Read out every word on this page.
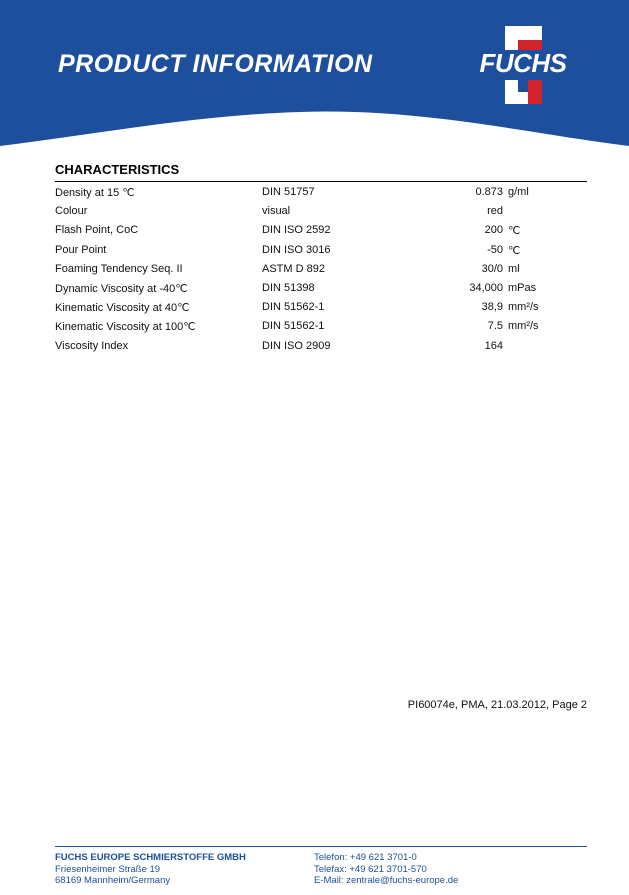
PRODUCT INFORMATION	FUCHS
CHARACTERISTICS
Density at 15 ℃	DIN 51757	0.873 g/ml
Colour	visual	red
Flash Point, CoC	DIN ISO 2592	200 ℃
Pour Point	DIN ISO 3016	-50 ℃
Foaming Tendency Seq. II	ASTM D 892	30/0 ml
Dynamic Viscosity at -40℃	DIN 51398	34,000 mPas
Kinematic Viscosity at 40℃	DIN 51562-1	38,9 mm²/s
Kinematic Viscosity at 100℃	DIN 51562-1	7.5 mm²/s
Viscosity Index	DIN ISO 2909	164
PI60074e, PMA, 21.03.2012, Page 2
FUCHS EUROPE SCHMIERSTOFFE GMBH
Friesenheimer Straße 19
68169 Mannheim/Germany
Telefon: +49 621 3701-0
Telefax: +49 621 3701-570
E-Mail: zentrale@fuchs-europe.de
